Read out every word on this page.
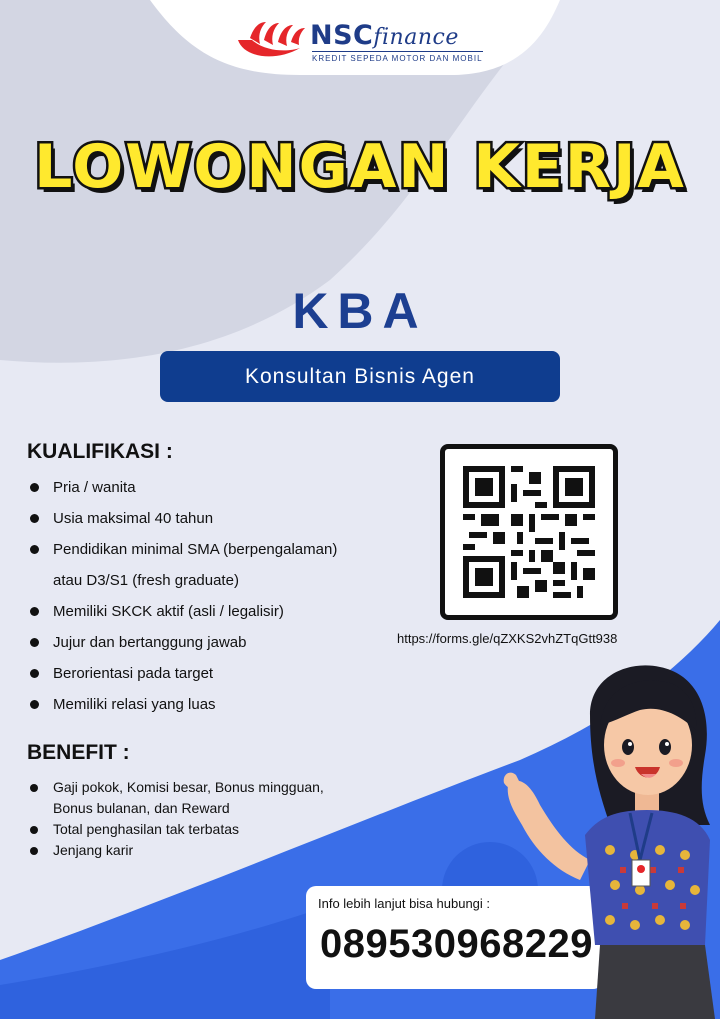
NSCfinance
KREDIT SEPEDA MOTOR DAN MOBIL
LOWONGAN KERJA
KBA
Konsultan Bisnis Agen
KUALIFIKASI :
Pria / wanita
Usia maksimal 40 tahun
Pendidikan minimal SMA (berpengalaman)
atau D3/S1 (fresh graduate)
Memiliki SKCK aktif (asli / legalisir)
Jujur dan bertanggung jawab
Berorientasi pada target
Memiliki relasi yang luas
BENEFIT :
Gaji pokok, Komisi besar, Bonus mingguan,
Bonus bulanan, dan Reward
Total penghasilan tak terbatas
Jenjang karir
https://forms.gle/qZXKS2vhZTqGtt938
Info lebih lanjut bisa hubungi :
089530968229
